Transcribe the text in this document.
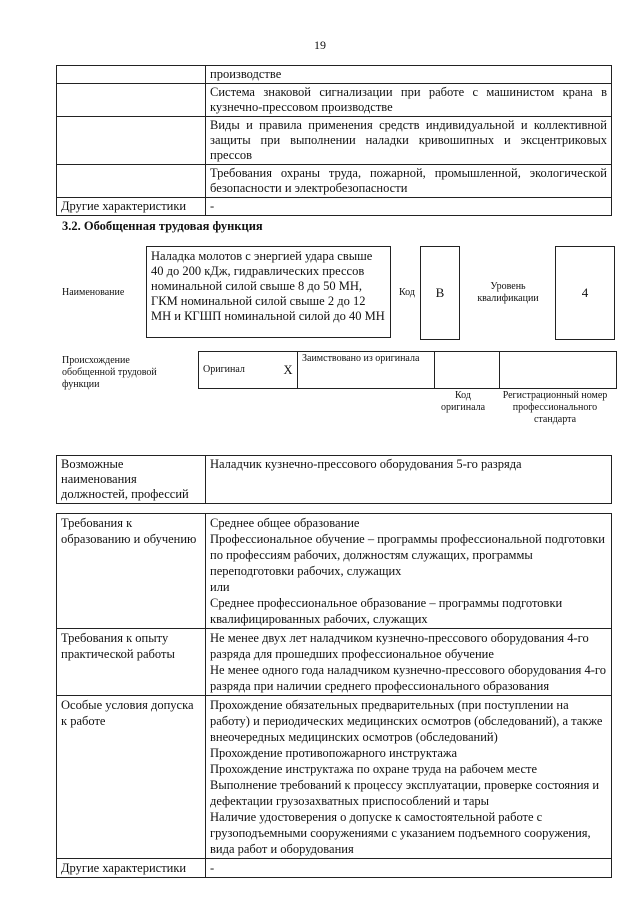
19
	производстве
	Система знаковой сигнализации при работе с машинистом крана в кузнечно-прессовом производстве
	Виды и правила применения средств индивидуальной и коллективной защиты при выполнении наладки кривошипных и эксцентриковых прессов
	Требования охраны труда, пожарной, промышленной, экологической безопасности и электробезопасности
Другие характеристики	-
3.2. Обобщенная трудовая функция
Наименование
Наладка молотов с энергией удара свыше 40 до 200 кДж, гидравлических прессов номинальной силой свыше 8 до 50 МН, ГКМ номинальной силой свыше 2 до 12 МН и КГШП номинальной силой до 40 МН
Код	B	Уровень квалификации	4
Происхождение обобщенной трудовой функции
Оригинал	X	Заимствовано из оригинала		
Код оригинала
Регистрационный номер профессионального стандарта
Возможные наименования должностей, профессий	Наладчик кузнечно-прессового оборудования 5-го разряда
Требования к образованию и обучению	Среднее общее образование

Профессиональное обучение – программы профессиональной подготовки по профессиям рабочих, должностям служащих, программы переподготовки рабочих, служащих

или

Среднее профессиональное образование – программы подготовки квалифицированных рабочих, служащих

Требования к опыту практической работы	Не менее двух лет наладчиком кузнечно-прессового оборудования 4-го разряда для прошедших профессиональное обучение

Не менее одного года наладчиком кузнечно-прессового оборудования 4-го разряда при наличии среднего профессионального образования

Особые условия допуска к работе	Прохождение обязательных предварительных (при поступлении на работу) и периодических медицинских осмотров (обследований), а также внеочередных медицинских осмотров (обследований)

Прохождение противопожарного инструктажа

Прохождение инструктажа по охране труда на рабочем месте

Выполнение требований к процессу эксплуатации, проверке состояния и дефектации грузозахватных приспособлений и тары

Наличие удостоверения о допуске к самостоятельной работе с грузоподъемными сооружениями с указанием подъемного сооружения, вида работ и оборудования

Другие характеристики	-
